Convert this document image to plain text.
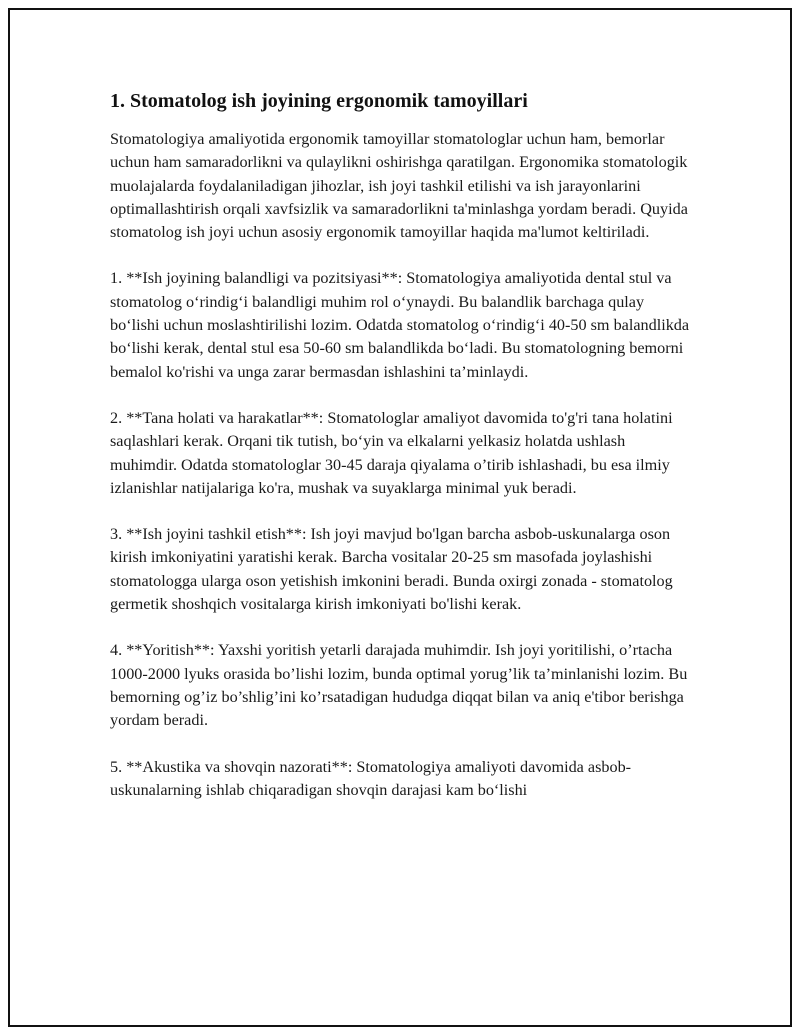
1. Stomatolog ish joyining ergonomik tamoyillari

Stomatologiya amaliyotida ergonomik tamoyillar stomatologlar uchun ham, bemorlar uchun ham samaradorlikni va qulaylikni oshirishga qaratilgan. Ergonomika stomatologik muolajalarda foydalaniladigan jihozlar, ish joyi tashkil etilishi va ish jarayonlarini optimallashtirish orqali xavfsizlik va samaradorlikni ta'minlashga yordam beradi. Quyida stomatolog ish joyi uchun asosiy ergonomik tamoyillar haqida ma'lumot keltiriladi.

1. **Ish joyining balandligi va pozitsiyasi**: Stomatologiya amaliyotida dental stul va stomatolog o‘rindig‘i balandligi muhim rol o‘ynaydi. Bu balandlik barchaga qulay bo‘lishi uchun moslashtirilishi lozim. Odatda stomatolog o‘rindig‘i 40-50 sm balandlikda bo‘lishi kerak, dental stul esa 50-60 sm balandlikda bo‘ladi. Bu stomatologning bemorni bemalol ko'rishi va unga zarar bermasdan ishlashini ta’minlaydi.

2. **Tana holati va harakatlar**: Stomatologlar amaliyot davomida to'g'ri tana holatini saqlashlari kerak. Orqani tik tutish, bo‘yin va elkalarni yelkasiz holatda ushlash muhimdir. Odatda stomatologlar 30-45 daraja qiyalama o’tirib ishlashadi, bu esa ilmiy izlanishlar natijalariga ko'ra, mushak va suyaklarga minimal yuk beradi.

3. **Ish joyini tashkil etish**: Ish joyi mavjud bo'lgan barcha asbob-uskunalarga oson kirish imkoniyatini yaratishi kerak. Barcha vositalar 20-25 sm masofada joylashishi stomatologga ularga oson yetishish imkonini beradi. Bunda oxirgi zonada - stomatolog germetik shoshqich vositalarga kirish imkoniyati bo'lishi kerak.

4. **Yoritish**: Yaxshi yoritish yetarli darajada muhimdir. Ish joyi yoritilishi, o’rtacha 1000-2000 lyuks orasida bo’lishi lozim, bunda optimal yorug’lik ta’minlanishi lozim. Bu bemorning og’iz bo’shlig’ini ko’rsatadigan hududga diqqat bilan va aniq e'tibor berishga yordam beradi.

5. **Akustika va shovqin nazorati**: Stomatologiya amaliyoti davomida asbob-uskunalarning ishlab chiqaradigan shovqin darajasi kam bo‘lishi
